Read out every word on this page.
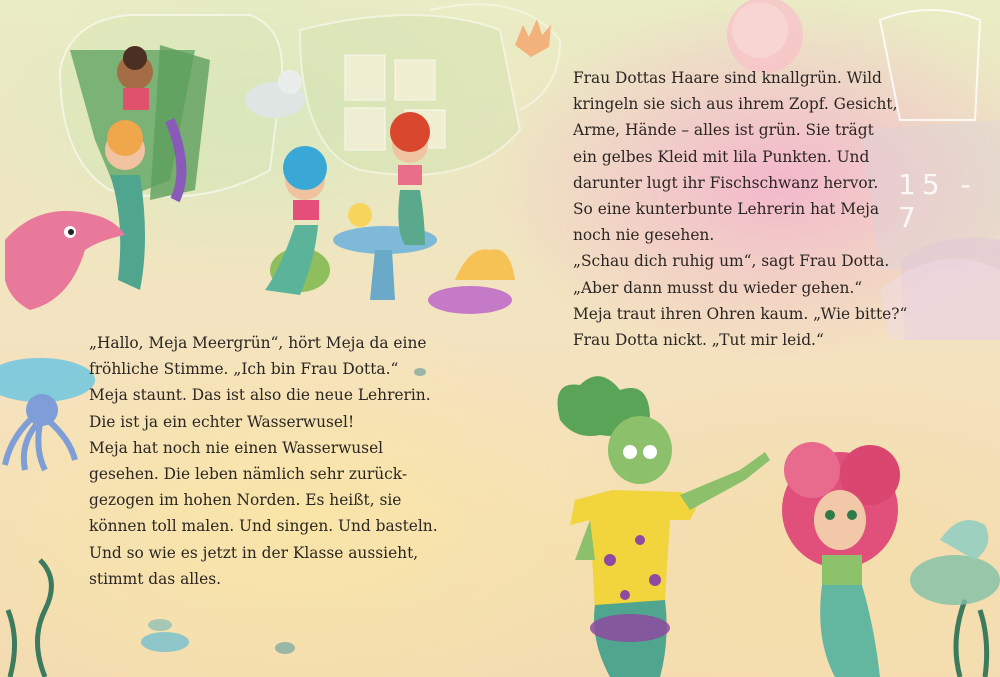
15 - 7

„Hallo, Meja Meergrün“, hört Meja da eine

fröhliche Stimme. „Ich bin Frau Dotta.“

Meja staunt. Das ist also die neue Lehrerin.

Die ist ja ein echter Wasserwusel!

Meja hat noch nie einen Wasserwusel

gesehen. Die leben nämlich sehr zurück-

gezogen im hohen Norden. Es heißt, sie

können toll malen. Und singen. Und basteln.

Und so wie es jetzt in der Klasse aussieht,

stimmt das alles.

Frau Dottas Haare sind knallgrün. Wild

kringeln sie sich aus ihrem Zopf. Gesicht,

Arme, Hände – alles ist grün. Sie trägt

ein gelbes Kleid mit lila Punkten. Und

darunter lugt ihr Fischschwanz hervor.

So eine kunterbunte Lehrerin hat Meja

noch nie gesehen.

„Schau dich ruhig um“, sagt Frau Dotta.

„Aber dann musst du wieder gehen.“

Meja traut ihren Ohren kaum. „Wie bitte?“

Frau Dotta nickt. „Tut mir leid.“
